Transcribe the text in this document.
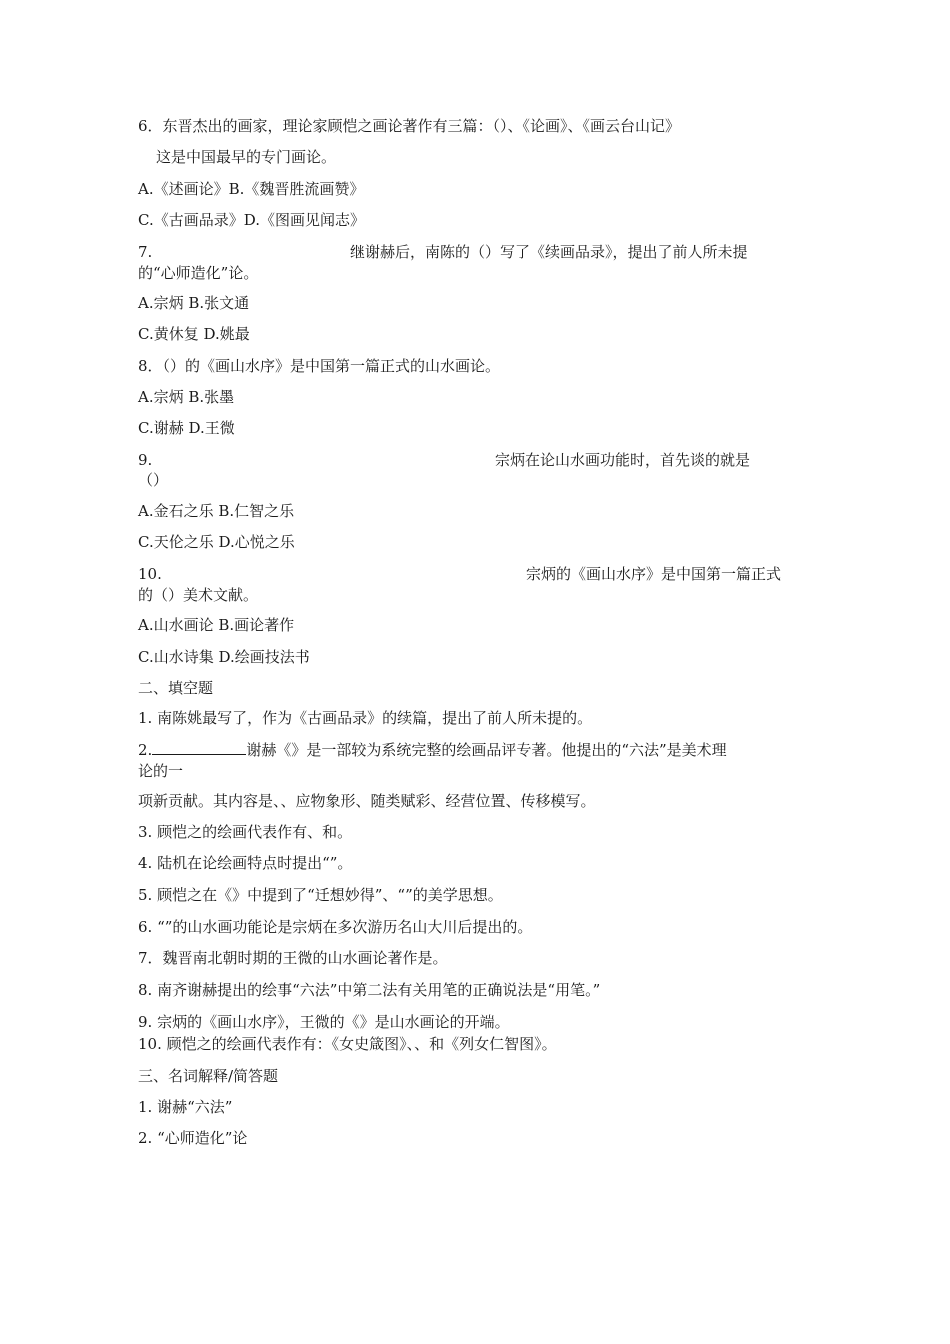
6．东晋杰出的画家，理论家顾恺之画论著作有三篇：（）、《论画》、《画云台山记》
这是中国最早的专门画论。
A.《述画论》B.《魏晋胜流画赞》
C.《古画品录》D.《图画见闻志》
7.	继谢赫后，南陈的（）写了《续画品录》，提出了前人所未提
的“心师造化”论。
A.宗炳 B.张文通
C.黄休复 D.姚最
8．（）的《画山水序》是中国第一篇正式的山水画论。
A.宗炳 B.张墨
C.谢赫 D.王微
9.	宗炳在论山水画功能时，首先谈的就是
（）
A.金石之乐 B.仁智之乐
C.天伦之乐 D.心悦之乐
10.	宗炳的《画山水序》是中国第一篇正式
的（）美术文献。
A.山水画论 B.画论著作
C.山水诗集 D.绘画技法书
二、填空题
1. 南陈姚最写了，作为《古画品录》的续篇，提出了前人所未提的。
2.	谢赫《》是一部较为系统完整的绘画品评专著。他提出的“六法”是美术理
论的一
项新贡献。其内容是、、应物象形、随类赋彩、经营位置、传移模写。
3. 顾恺之的绘画代表作有、和。
4. 陆机在论绘画特点时提出“”。
5. 顾恺之在《》中提到了“迁想妙得”、“”的美学思想。
6. “”的山水画功能论是宗炳在多次游历名山大川后提出的。
7．魏晋南北朝时期的王微的山水画论著作是。
8. 南齐谢赫提出的绘事“六法”中第二法有关用笔的正确说法是“用笔。”
9. 宗炳的《画山水序》，王微的《》是山水画论的开端。
10. 顾恺之的绘画代表作有：《女史箴图》、、和《列女仁智图》。
三、名词解释/简答题
1. 谢赫“六法”
2. “心师造化”论
